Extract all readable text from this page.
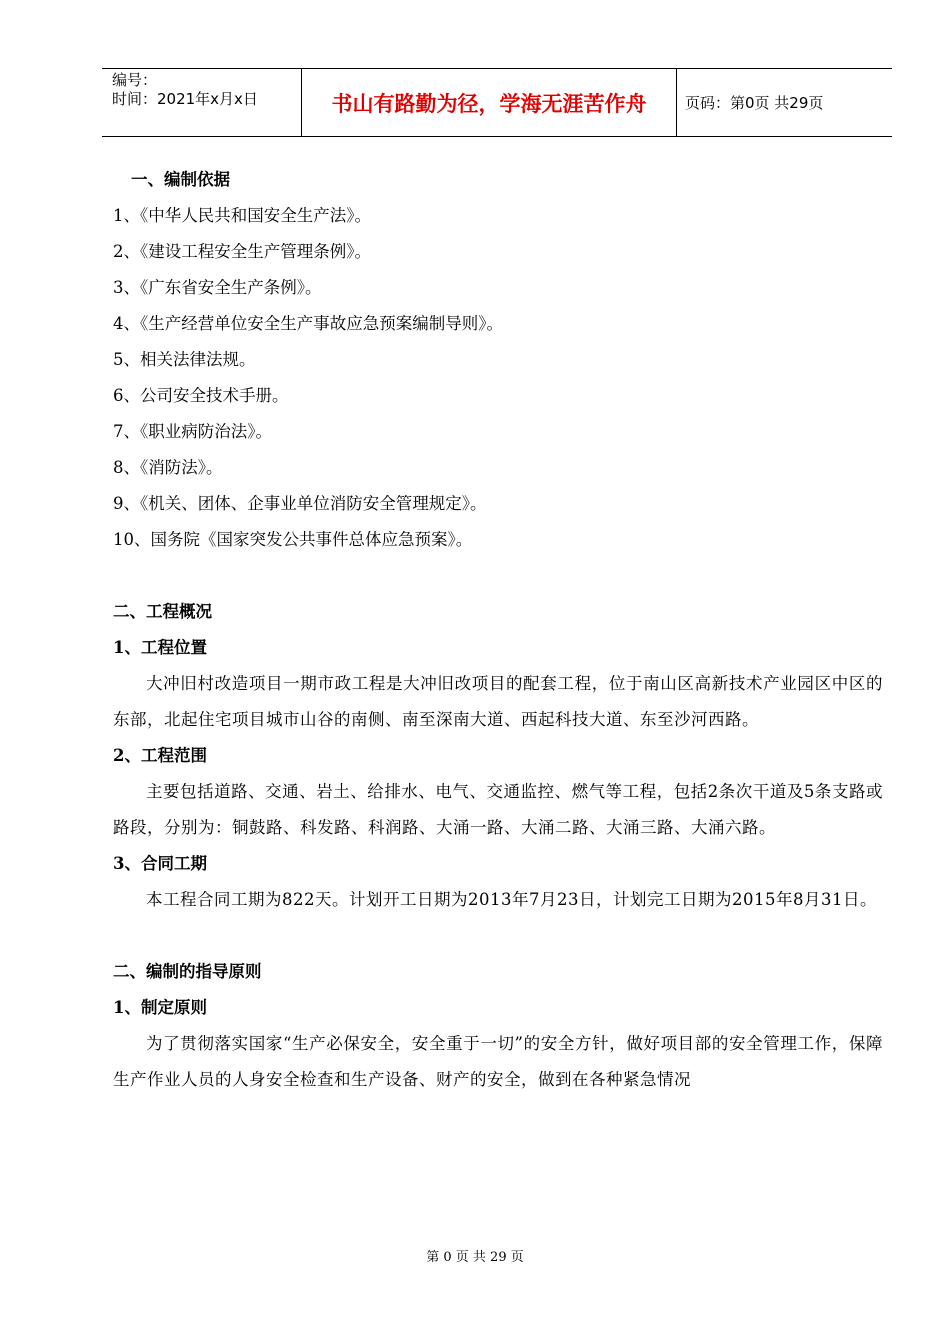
编号：
时间：2021年x月x日	书山有路勤为径，学海无涯苦作舟	页码：第0页 共29页
一、编制依据
1、《中华人民共和国安全生产法》。
2、《建设工程安全生产管理条例》。
3、《广东省安全生产条例》。
4、《生产经营单位安全生产事故应急预案编制导则》。
5、相关法律法规。
6、公司安全技术手册。
7、《职业病防治法》。
8、《消防法》。
9、《机关、团体、企事业单位消防安全管理规定》。
10、国务院《国家突发公共事件总体应急预案》。
二、工程概况
1、工程位置
大冲旧村改造项目一期市政工程是大冲旧改项目的配套工程，位于南山区高新技术产业园区中区的东部，北起住宅项目城市山谷的南侧、南至深南大道、西起科技大道、东至沙河西路。
2、工程范围
主要包括道路、交通、岩土、给排水、电气、交通监控、燃气等工程，包括2条次干道及5条支路或路段，分别为：铜鼓路、科发路、科润路、大涌一路、大涌二路、大涌三路、大涌六路。
3、合同工期
本工程合同工期为822天。计划开工日期为2013年7月23日，计划完工日期为2015年8月31日。
二、编制的指导原则
1、制定原则
为了贯彻落实国家“生产必保安全，安全重于一切”的安全方针，做好项目部的安全管理工作，保障生产作业人员的人身安全检查和生产设备、财产的安全，做到在各种紧急情况
第 0 页 共 29 页
